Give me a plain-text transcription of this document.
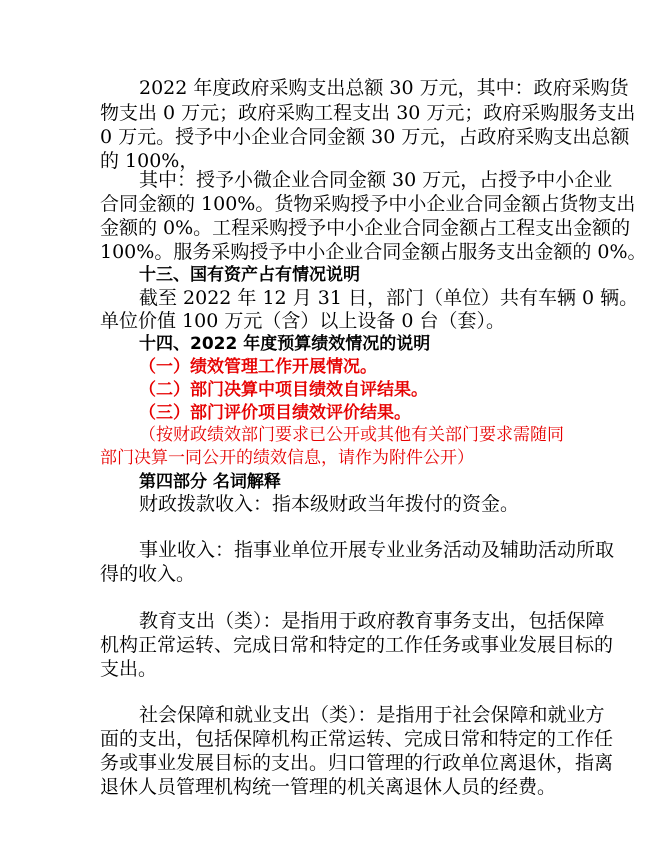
2022 年度政府采购支出总额 30 万元，其中：政府采购货

物支出 0 万元；政府采购工程支出 30 万元；政府采购服务支出

0 万元。授予中小企业合同金额 30 万元，占政府采购支出总额

的 100%，

其中：授予小微企业合同金额 30 万元，占授予中小企业

合同金额的 100%。货物采购授予中小企业合同金额占货物支出

金额的 0%。工程采购授予中小企业合同金额占工程支出金额的

100%。服务采购授予中小企业合同金额占服务支出金额的 0%。

十三、国有资产占有情况说明

截至 2022 年 12 月 31 日，部门（单位）共有车辆 0 辆。

单位价值 100 万元（含）以上设备 0 台（套）。

十四、2022 年度预算绩效情况的说明

（一）绩效管理工作开展情况。

（二）部门决算中项目绩效自评结果。

（三）部门评价项目绩效评价结果。

（按财政绩效部门要求已公开或其他有关部门要求需随同

部门决算一同公开的绩效信息，请作为附件公开）

第四部分 名词解释

财政拨款收入：指本级财政当年拨付的资金。

事业收入：指事业单位开展专业业务活动及辅助活动所取

得的收入。

教育支出（类）：是指用于政府教育事务支出，包括保障

机构正常运转、完成日常和特定的工作任务或事业发展目标的

支出。

社会保障和就业支出（类）：是指用于社会保障和就业方

面的支出，包括保障机构正常运转、完成日常和特定的工作任

务或事业发展目标的支出。归口管理的行政单位离退休，指离

退休人员管理机构统一管理的机关离退休人员的经费。
